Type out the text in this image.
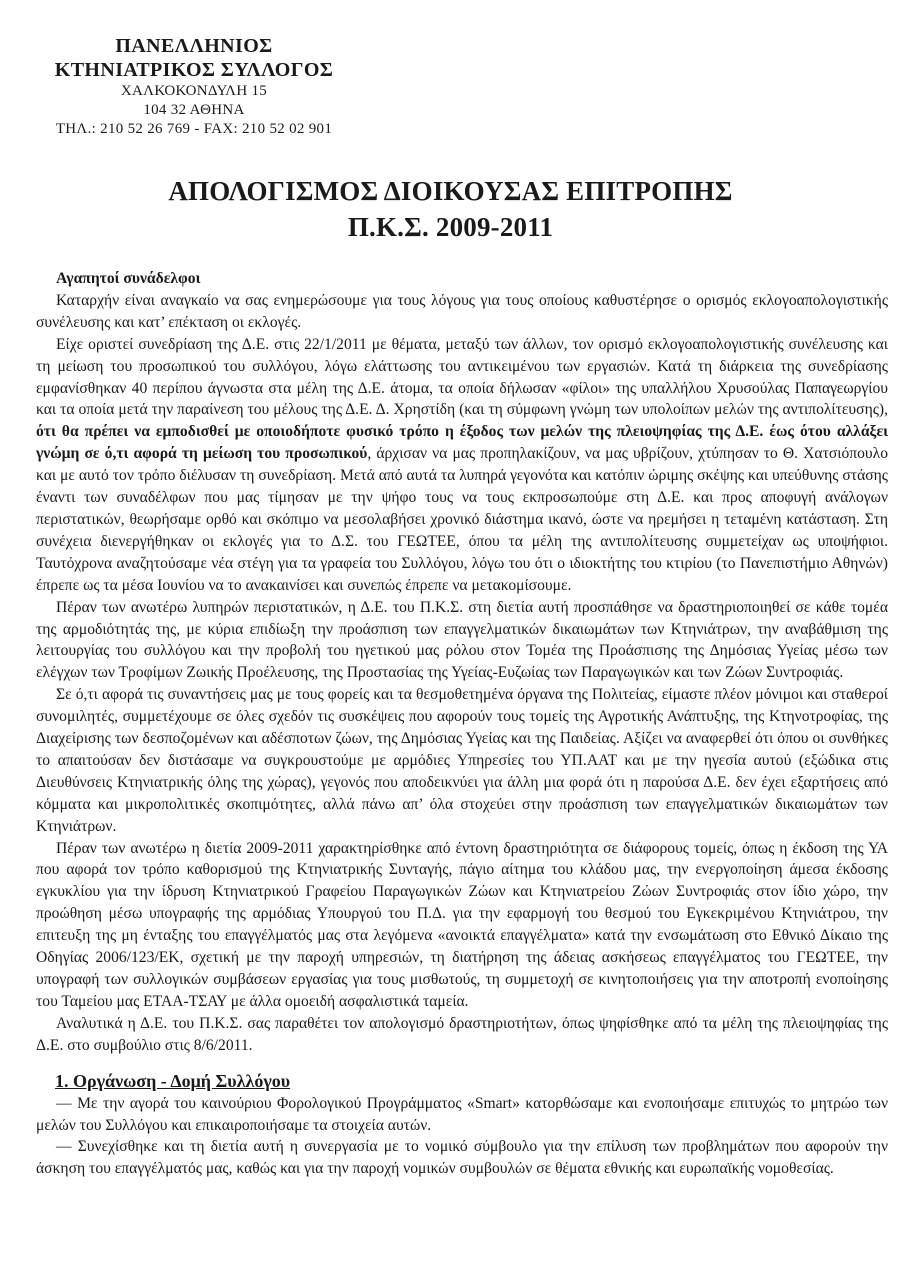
ΠΑΝΕΛΛΗΝΙΟΣ
ΚΤΗΝΙΑΤΡΙΚΟΣ ΣΥΛΛΟΓΟΣ
ΧΑΛΚΟΚΟΝΔΥΛΗ 15
104 32 ΑΘΗΝΑ
ΤΗΛ.: 210 52 26 769 - FAX: 210 52 02 901
ΑΠΟΛΟΓΙΣΜΟΣ ΔΙΟΙΚΟΥΣΑΣ ΕΠΙΤΡΟΠΗΣ
Π.Κ.Σ. 2009-2011
Αγαπητοί συνάδελφοι

Καταρχήν είναι αναγκαίο να σας ενημερώσουμε για τους λόγους για τους οποίους καθυστέρησε ο ορισμός εκλογοαπολογιστικής συνέλευσης και κατ’ επέκταση οι εκλογές.

Είχε οριστεί συνεδρίαση της Δ.Ε. στις 22/1/2011 με θέματα, μεταξύ των άλλων, τον ορισμό εκλογοαπολογιστικής συνέλευσης και τη μείωση του προσωπικού του συλλόγου, λόγω ελάττωσης του αντικειμένου των εργασιών. Κατά τη διάρκεια της συνεδρίασης εμφανίσθηκαν 40 περίπου άγνωστα στα μέλη της Δ.Ε. άτομα, τα οποία δήλωσαν «φίλοι» της υπαλλήλου Χρυσούλας Παπαγεωργίου και τα οποία μετά την παραίνεση του μέλους της Δ.Ε. Δ. Χρηστίδη (και τη σύμφωνη γνώμη των υπολοίπων μελών της αντιπολίτευσης), ότι θα πρέπει να εμποδισθεί με οποιοδήποτε φυσικό τρόπο η έξοδος των μελών της πλειοψηφίας της Δ.Ε. έως ότου αλλάξει γνώμη σε ό,τι αφορά τη μείωση του προσωπικού, άρχισαν να μας προπηλακίζουν, να μας υβρίζουν, χτύπησαν το Θ. Χατσιόπουλο και με αυτό τον τρόπο διέλυσαν τη συνεδρίαση. Μετά από αυτά τα λυπηρά γεγονότα και κατόπιν ώριμης σκέψης και υπεύθυνης στάσης έναντι των συναδέλφων που μας τίμησαν με την ψήφο τους να τους εκπροσωπούμε στη Δ.Ε. και προς αποφυγή ανάλογων περιστατικών, θεωρήσαμε ορθό και σκόπιμο να μεσολαβήσει χρονικό διάστημα ικανό, ώστε να ηρεμήσει η τεταμένη κατάσταση. Στη συνέχεια διενεργήθηκαν οι εκλογές για το Δ.Σ. του ΓΕΩΤΕΕ, όπου τα μέλη της αντιπολίτευσης συμμετείχαν ως υποψήφιοι. Ταυτόχρονα αναζητούσαμε νέα στέγη για τα γραφεία του Συλλόγου, λόγω του ότι ο ιδιοκτήτης του κτιρίου (το Πανεπιστήμιο Αθηνών) έπρεπε ως τα μέσα Ιουνίου να το ανακαινίσει και συνεπώς έπρεπε να μετακομίσουμε.

Πέραν των ανωτέρω λυπηρών περιστατικών, η Δ.Ε. του Π.Κ.Σ. στη διετία αυτή προσπάθησε να δραστηριοποιηθεί σε κάθε τομέα της αρμοδιότητάς της, με κύρια επιδίωξη την προάσπιση των επαγγελματικών δικαιωμάτων των Κτηνιάτρων, την αναβάθμιση της λειτουργίας του συλλόγου και την προβολή του ηγετικού μας ρόλου στον Τομέα της Προάσπισης της Δημόσιας Υγείας μέσω των ελέγχων των Τροφίμων Ζωικής Προέλευσης, της Προστασίας της Υγείας-Ευζωίας των Παραγωγικών και των Ζώων Συντροφιάς.

Σε ό,τι αφορά τις συναντήσεις μας με τους φορείς και τα θεσμοθετημένα όργανα της Πολιτείας, είμαστε πλέον μόνιμοι και σταθεροί συνομιλητές, συμμετέχουμε σε όλες σχεδόν τις συσκέψεις που αφορούν τους τομείς της Αγροτικής Ανάπτυξης, της Κτηνοτροφίας, της Διαχείρισης των δεσποζομένων και αδέσποτων ζώων, της Δημόσιας Υγείας και της Παιδείας. Αξίζει να αναφερθεί ότι όπου οι συνθήκες το απαιτούσαν δεν διστάσαμε να συγκρουστούμε με αρμόδιες Υπηρεσίες του ΥΠ.ΑΑΤ και με την ηγεσία αυτού (εξώδικα στις Διευθύνσεις Κτηνιατρικής όλης της χώρας), γεγονός που αποδεικνύει για άλλη μια φορά ότι η παρούσα Δ.Ε. δεν έχει εξαρτήσεις από κόμματα και μικροπολιτικές σκοπιμότητες, αλλά πάνω απ’ όλα στοχεύει στην προάσπιση των επαγγελματικών δικαιωμάτων των Κτηνιάτρων.

Πέραν των ανωτέρω η διετία 2009-2011 χαρακτηρίσθηκε από έντονη δραστηριότητα σε διάφορους τομείς, όπως η έκδοση της ΥΑ που αφορά τον τρόπο καθορισμού της Κτηνιατρικής Συνταγής, πάγιο αίτημα του κλάδου μας, την ενεργοποίηση άμεσα έκδοσης εγκυκλίου για την ίδρυση Κτηνιατρικού Γραφείου Παραγωγικών Ζώων και Κτηνιατρείου Ζώων Συντροφιάς στον ίδιο χώρο, την προώθηση μέσω υπογραφής της αρμόδιας Υπουργού του Π.Δ. για την εφαρμογή του θεσμού του Εγκεκριμένου Κτηνιάτρου, την επιτευξη της μη ένταξης του επαγγέλματός μας στα λεγόμενα «ανοικτά επαγγέλματα» κατά την ενσωμάτωση στο Εθνικό Δίκαιο της Οδηγίας 2006/123/ΕΚ, σχετική με την παροχή υπηρεσιών, τη διατήρηση της άδειας ασκήσεως επαγγέλματος του ΓΕΩΤΕΕ, την υπογραφή των συλλογικών συμβάσεων εργασίας για τους μισθωτούς, τη συμμετοχή σε κινητοποιήσεις για την αποτροπή ενοποίησης του Ταμείου μας ΕΤΑΑ-ΤΣΑΥ με άλλα ομοειδή ασφαλιστικά ταμεία.

Αναλυτικά η Δ.Ε. του Π.Κ.Σ. σας παραθέτει τον απολογισμό δραστηριοτήτων, όπως ψηφίσθηκε από τα μέλη της πλειοψηφίας της Δ.Ε. στο συμβούλιο στις 8/6/2011.

1. Οργάνωση - Δομή Συλλόγου

— Με την αγορά του καινούριου Φορολογικού Προγράμματος «Smart» κατορθώσαμε και ενοποιήσαμε επιτυχώς το μητρώο των μελών του Συλλόγου και επικαιροποιήσαμε τα στοιχεία αυτών.

— Συνεχίσθηκε και τη διετία αυτή η συνεργασία με το νομικό σύμβουλο για την επίλυση των προβλημάτων που αφορούν την άσκηση του επαγγέλματός μας, καθώς και για την παροχή νομικών συμβουλών σε θέματα εθνικής και ευρωπαϊκής νομοθεσίας.
